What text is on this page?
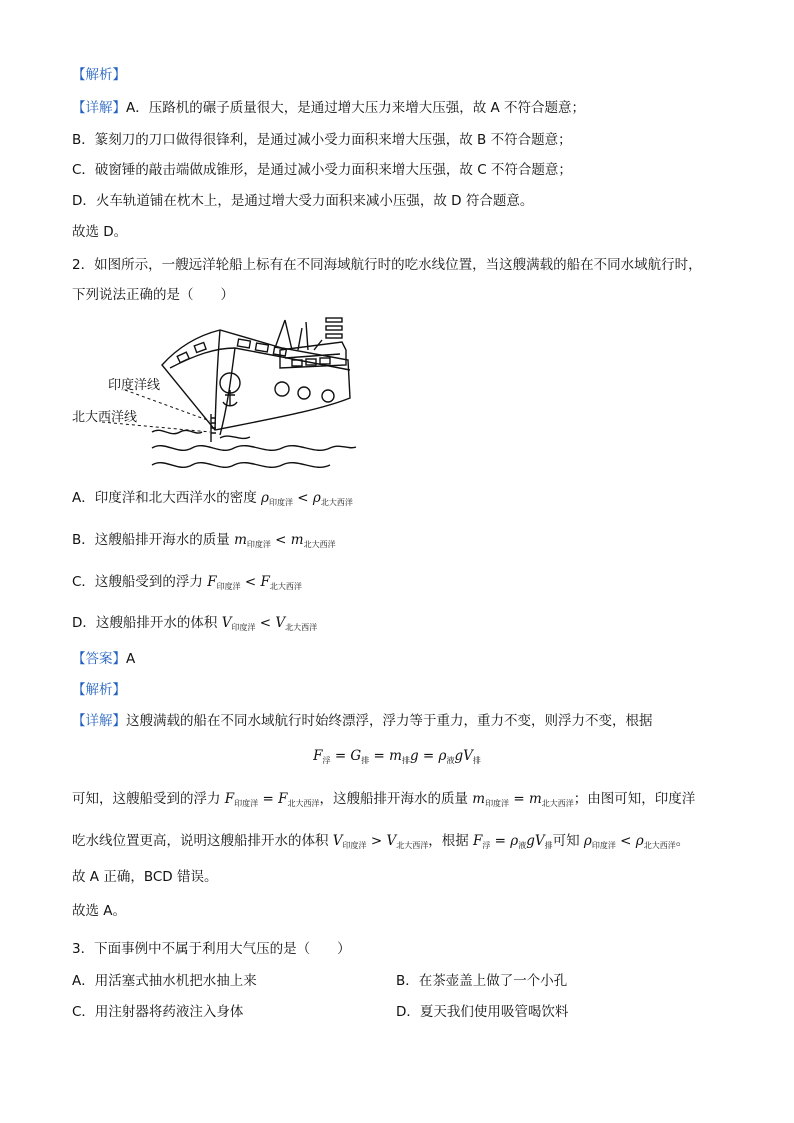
【解析】
【详解】A．压路机的碾子质量很大，是通过增大压力来增大压强，故 A 不符合题意；
B．篆刻刀的刀口做得很锋利，是通过减小受力面积来增大压强，故 B 不符合题意；
C．破窗锤的敲击端做成锥形，是通过减小受力面积来增大压强，故 C 不符合题意；
D．火车轨道铺在枕木上，是通过增大受力面积来减小压强，故 D 符合题意。
故选 D。
2．如图所示，一艘远洋轮船上标有在不同海域航行时的吃水线位置，当这艘满载的船在不同水域航行时，
下列说法正确的是（　　）
印度洋线
北大西洋线
A．印度洋和北大西洋水的密度 $\rho_{印度洋} < \rho_{北大西洋}$
B．这艘船排开海水的质量 $m_{印度洋} < m_{北大西洋}$
C．这艘船受到的浮力 $F_{印度洋} < F_{北大西洋}$
D．这艘船排开水的体积 $V_{印度洋} < V_{北大西洋}$
【答案】A
【解析】
【详解】这艘满载的船在不同水域航行时始终漂浮，浮力等于重力，重力不变，则浮力不变，根据
$F_浮 = G_排 = m_排g = \rho_液gV_排$
可知，这艘船受到的浮力 $F_{印度洋} = F_{北大西洋}$，这艘船排开海水的质量 $m_{印度洋} = m_{北大西洋}$；由图可知，印度洋
吃水线位置更高，说明这艘船排开水的体积 $V_{印度洋} > V_{北大西洋}$，根据 $F_浮 = \rho_液gV_排$可知 $\rho_{印度洋} < \rho_{北大西洋}$。
故 A 正确，BCD 错误。
故选 A。
3．下面事例中不属于利用大气压的是（　　）
A．用活塞式抽水机把水抽上来	B．在茶壶盖上做了一个小孔
C．用注射器将药液注入身体	D．夏天我们使用吸管喝饮料
